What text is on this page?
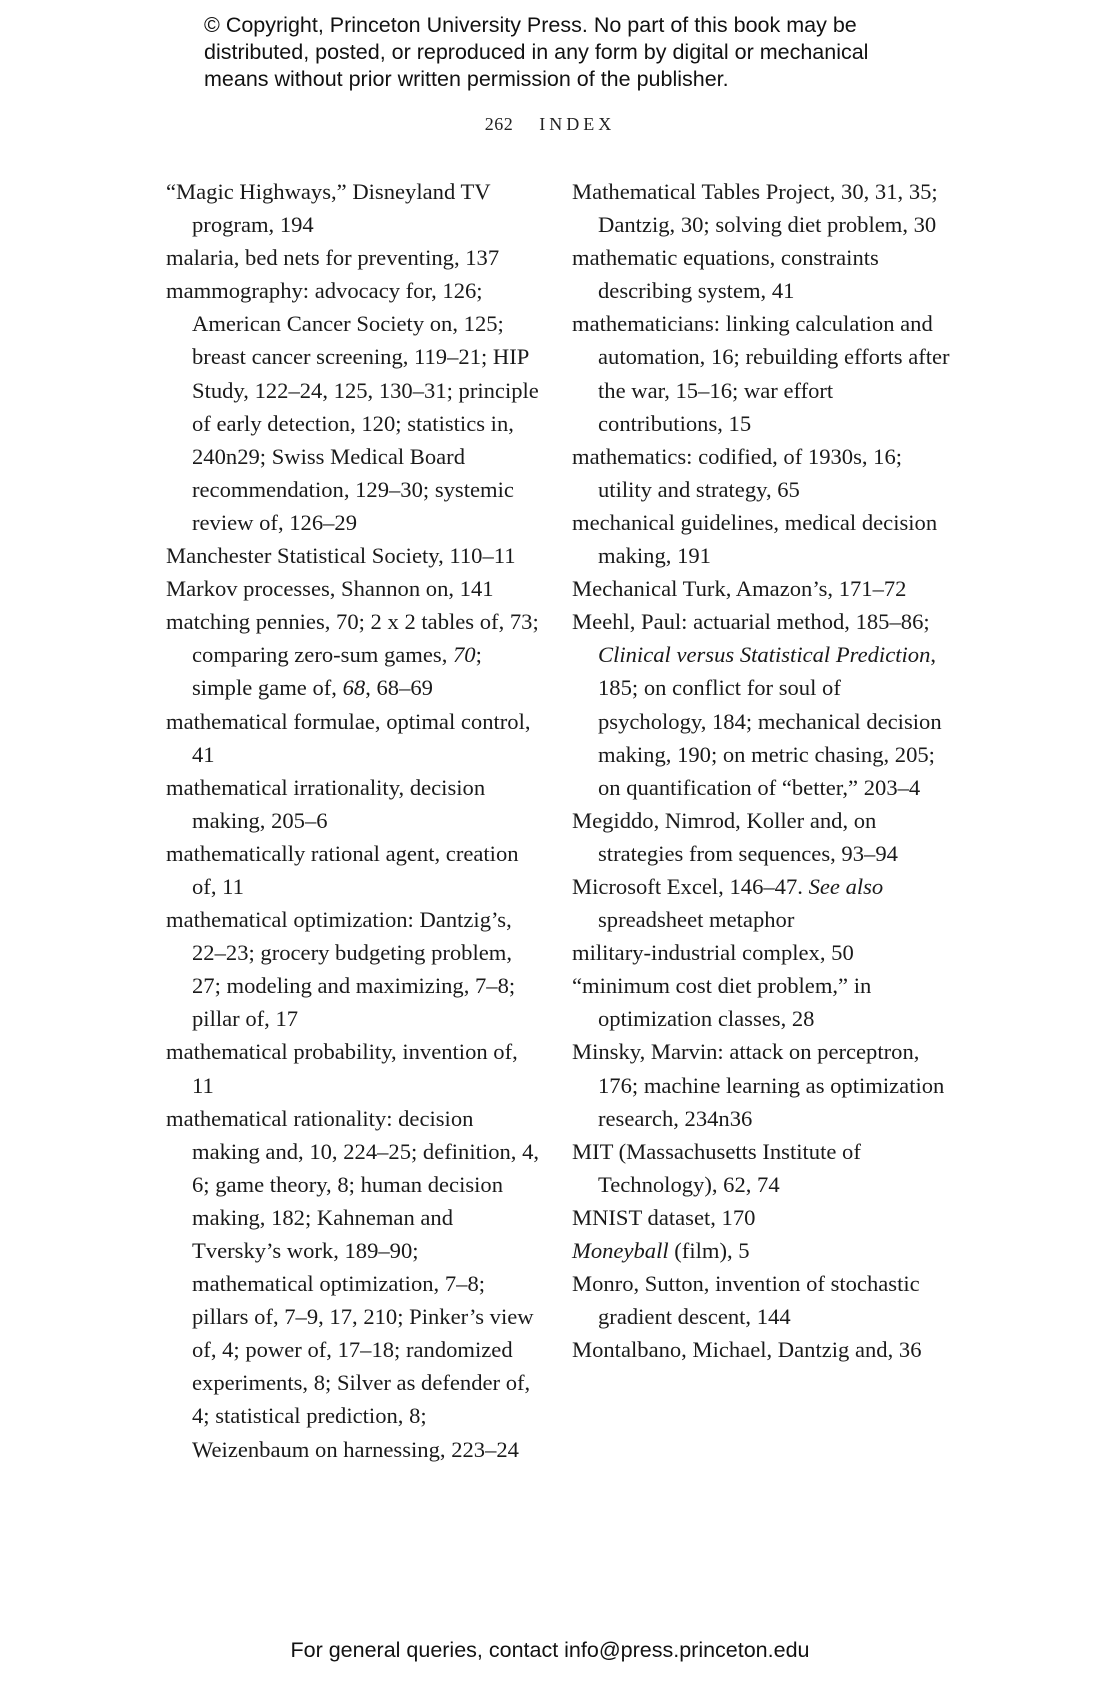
© Copyright, Princeton University Press. No part of this book may be distributed, posted, or reproduced in any form by digital or mechanical means without prior written permission of the publisher.
262 INDEX

“Magic Highways,” Disneyland TV program, 194

malaria, bed nets for preventing, 137

mammography: advocacy for, 126; American Cancer Society on, 125; breast cancer screening, 119–21; HIP Study, 122–24, 125, 130–31; principle of early detection, 120; statistics in, 240n29; Swiss Medical Board recommendation, 129–30; systemic review of, 126–29

Manchester Statistical Society, 110–11

Markov processes, Shannon on, 141

matching pennies, 70; 2 x 2 tables of, 73; comparing zero-sum games, 70; simple game of, 68, 68–69

mathematical formulae, optimal control, 41

mathematical irrationality, decision making, 205–6

mathematically rational agent, creation of, 11

mathematical optimization: Dantzig’s, 22–23; grocery budgeting problem, 27; modeling and maximizing, 7–8; pillar of, 17

mathematical probability, invention of, 11

mathematical rationality: decision making and, 10, 224–25; definition, 4, 6; game theory, 8; human decision making, 182; Kahneman and Tversky’s work, 189–90; mathematical optimization, 7–8; pillars of, 7–9, 17, 210; Pinker’s view of, 4; power of, 17–18; randomized experiments, 8; Silver as defender of, 4; statistical prediction, 8; Weizenbaum on harnessing, 223–24

Mathematical Tables Project, 30, 31, 35; Dantzig, 30; solving diet problem, 30

mathematic equations, constraints describing system, 41

mathematicians: linking calculation and automation, 16; rebuilding efforts after the war, 15–16; war effort contributions, 15

mathematics: codified, of 1930s, 16; utility and strategy, 65

mechanical guidelines, medical decision making, 191

Mechanical Turk, Amazon’s, 171–72

Meehl, Paul: actuarial method, 185–86; Clinical versus Statistical Prediction, 185; on conflict for soul of psychology, 184; mechanical decision making, 190; on metric chasing, 205; on quantification of “better,” 203–4

Megiddo, Nimrod, Koller and, on strategies from sequences, 93–94

Microsoft Excel, 146–47. See also spreadsheet metaphor

military-industrial complex, 50

“minimum cost diet problem,” in optimization classes, 28

Minsky, Marvin: attack on perceptron, 176; machine learning as optimization research, 234n36

MIT (Massachusetts Institute of Technology), 62, 74

MNIST dataset, 170

Moneyball (film), 5

Monro, Sutton, invention of stochastic gradient descent, 144

Montalbano, Michael, Dantzig and, 36

For general queries, contact info@press.princeton.edu
